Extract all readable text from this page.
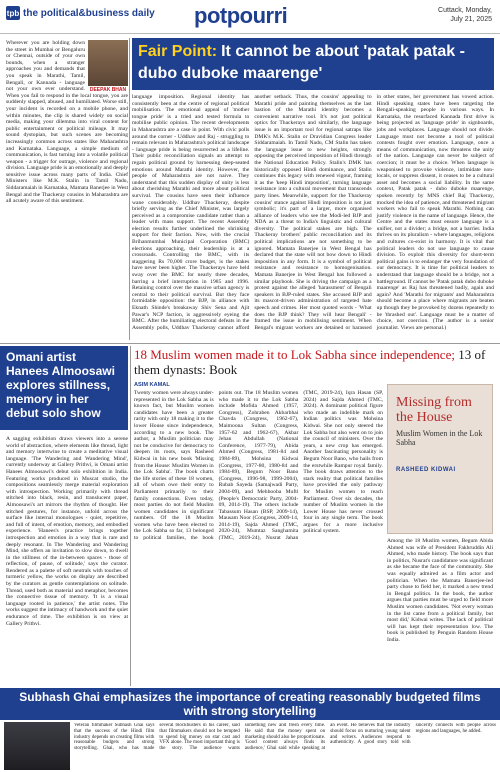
tpb the political&business daily potpourri	Cuttack, Monday,
July 21, 2025
DEEPAK BHAN
Wherever you are holding down the street in Mumbai or Bengaluru or Chennai, outside of your own bounds, when a stranger approaches you and demands that you speak in Marathi, Tamil, Bengali, or Kannada - language not your own ever understand. When you fail to respond in the local tongue, you are suddenly slapped, abused, and humiliated. Worse still, your incident is recorded on a mobile phone, and within minutes, the clip is shared widely on social media, making your dilemma into viral content for public entertainment or political mileage. It may sound dystopian, but such scenes are becoming increasingly common across states like Maharashtra and Karnataka. Language, a simple medium of communication, is fast turning into a volatile political weapon - a trigger for outrage, violence and regional division. Language pride is an emotionally and deeply sensitive issue across many parts of India. Chief Ministers like M.K. Stalin in Tamil Nadu, Siddaramaiah in Karnataka, Mamata Banerjee in West Bengal and the Thackeray cousins in Maharashtra are all acutely aware of this sentiment.
Fair Point: It cannot be about 'patak patak - dubo duboke maarenge'
language imposition. Regional identity has consistently been at the centre of regional political mobilisation. The emotional appeal of 'mother tongue pride' is a tried and tested formula to mobilise public opinion. The recent developments in Maharashtra are a case in point. With civic polls around the corner - Uddhav and Raj - struggling to remain relevant in Maharashtra's political landscape - language pride is being resurrected as a lifeline. Their public reconciliation signals an attempt to regain political ground by harnessing deep-seated emotions around Marathi identity. However, the people of Maharashtra are not naive. They understand that this sudden display of unity is less about cherishing Marathi and more about political survival. The cousins have seen their influence wane considerably. Uddhav Thackeray, despite briefly serving as the Chief Minister, was largely perceived as a compromise candidate rather than a leader with mass support. The recent Assembly election results further underlined the shrinking support for their faction. Now, with the crucial Brihanmumbai Municipal Corporation (BMC) elections approaching, their leadership is at a crossroads. Controlling the BMC, with its staggering Rs 70,000 crore budget, is the stakes have never been higher. The Thackerays have held sway over the BMC for nearly three decades, barring a brief interruption in 1985 and 1996. Retaining control over the massive urban agency is central to their political survival. But they face formidable opposition: the BJP, in alliance with Eknath Shinde's breakaway Shiv Sena and Ajit Pawar's NCP faction, is aggressively eyeing the BMC. After the humiliating electoral defeats in the Assembly polls, Uddhav Thackeray cannot afford another setback. Thus, the cousins' appealing to Marathi pride and painting themselves as the last bastion of the Marathi identity becomes a convenient narrative tool. It's not just political optics for Thackerays and similarly, the language issue is an important tool for regional satraps like DMK's M.K. Stalin or Dravidian Congress leader Siddaramaiah. In Tamil Nadu, CM Stalin has taken the language issue to new heights, strongly opposing the perceived imposition of Hindi through the National Education Policy. Stalin's DMK has historically opposed Hindi dominance, and Stalin continues this legacy with renewed vigour, framing it as the 'keep Hindi imposition', turning language resistance into a cultural movement that transcends party lines. Meanwhile, support for the Thackeray cousins' stance against Hindi imposition is not just symbolic; it's part of a larger, more organised alliance of leaders who see the Modi-led BJP and NDA as a threat to India's linguistic and cultural diversity. The political stakes are high. The Thackeray brothers' public reconciliation and its political implications are not something to be ignored. Mamata Banerjee in West Bengal has declared that the state will not bow down to Hindi imposition in any form. It is a symbol of political resistance and resistance to homogenisation. Mamata Banerjee in West Bengal has followed a similar playbook. She is driving the campaign as a protest against the alleged 'harassment' of Bengali speakers in BJP-ruled states. She accused BJP and its mascot-driven administration of targeted hate speech and crimes. Her most quoted words - 'What does the BJP think? They will hear Bengali' - framed the issue in mobilising sentiment. When Bengal's migrant workers are detained or harassed in other states, her government has vowed action. Hindi speaking states have been targeting the Bengali-speaking people in various ways. In Karnataka, the resurfaced Kannada first drive is being projected as 'language pride' in signboards, jobs and workplaces. Language should not divide. Language must not become a tool of political contests fought over emotion. Language, once a means of communication, now threatens the unity of the nation. Language can never be subject of coercion; it must be a choice. When language is weaponised to provoke violence, intimidate non-locals, or suppress dissent, it ceases to be a cultural asset and becomes a social liability. In the same context, Patak patak - dubo duboke maarenge, spoken recently by MNS chief Raj Thackeray, mocked the idea of patience, and threatened migrant workers who fail to speak Marathi. Nothing can justify violence in the name of language. Hence, the Centre and the states must ensure language is a unifier, not a divider; a bridge, not a barrier. India thrives on its pluralism - where languages, religions and cultures co-exist in harmony. It is vital that political leaders do not use language to cause division. To exploit this diversity for short-term political gains is to endanger the very foundation of our democracy. It is time for political leaders to understand that language should be a bridge, not a battleground. If cannot be 'Patak patak dubo duboke maarenge' as Raj has threatened badly, again and again? And 'Marathi for migrants' and Maharashtra should become a place where migrants are beaten up though they be provoked by dozens repeatedly to be 'thrashed out'. Language must be a matter of choice, not coercion. (The author is a senior journalist. Views are personal.)
Omani artist Hanees Almoosawi explores stillness, memory in her debut solo show
A sagging exhibition draws viewers into a serene world of abstraction, where elements like thread, light and memory intertwine to create a meditative visual language. 'The Wandering and Wandering Mind', currently underway at Gallery Prithvi, is Omani artist Hanees Almoosawi's debut solo exhibition in India. Featuring works produced in Muscat studio, the compositions seamlessly merge material exploration with introspection. Working primarily with thread stitched into black, resin, and translucent paper, Almoosawi's art mirrors the rhythm of thought. Her stitched gestures, for instance, unfold across the surface like internal monologues - quiet, repetitive, and full of intent, of emotion, memory, and embodied experience. 'Hanees's practice brings together introspection and emotion in a way that is rare and deeply resonant. In The Wandering and Wandering Mind, she offers an invitation to slow down, to dwell in the stillness of the in-between spaces - those of reflection, of pause, of solitude,' says the curator. Rendered as a palette of soft neutrals with touches of turmeric yellow, the works on display are described by the curators as gentle contemplations on solitude. Thread, used both as material and metaphor, becomes the connective tissue of memory. 'It is a visual language rooted in patience,' the artist notes. The works suggest the intimacy of handwork and the quiet endurance of time. The exhibition is on view at Gallery Prithvi.
18 Muslim women made it to Lok Sabha since independence; 13 of them dynasts: Book
ASIM KAMAL
Twenty women were always under-represented in the Lok Sabha as is known fact, but Muslim women candidates have been a greater rarity with only 18 making it to the lower House since independence, according to a new book. The author, a Muslim politician may not be conducive for democracy to deepen its roots, says Rasheed Kidwai in his new book 'Missing from the House: Muslim Women in the Lok Sabha'. The book charts the life stories of these 18 women, all of whom owe their entry to Parliament primarily to their family connections. Even today, most parties do not field Muslim women candidates in significant numbers. Of the 18 Muslim women who have been elected to the Lok Sabha so far, 13 belonged to political families, the book points out. The 18 Muslim women who made it to the Lok Sabha include Mofida Ahmed (1957, Congress), Zohraben Akbarbhai Chavda (Congress, 1962-67), Maimoona Sultan (Congress, 1957-62 and 1962-67), Akbar Jehan Abdullah (National Conference, 1977-79), Abida Ahmed (Congress, 1981-84 and 1984-89), Mohsina Kidwai (Congress, 1977-80, 1980-84 and 1984-89), Begum Noor Bano (Congress, 1996-98, 1999-2004), Rubab Sayeda (Samajwadi Party, 2004-09), and Mehbooba Mufti (People's Democratic Party, 2004-09, 2014-19). The others include Tabassum Hasan (BSP, 2009-14), Mausam Noor (Congress, 2009-14, 2014-19), Sajda Ahmed (TMC, 2020-24), Mumtaz Sanghamita (TMC, 2019-24), Nusrat Jahan (TMC, 2019-24), Iqra Hasan (SP, 2024) and Sajda Ahmed (TMC, 2024). A dominant political figure who made an indelible mark on Indian politics was Mohsina Kidwai. She not only steered the Lok Sabha but also went on to join the council of ministers. Over the years, a new crop has emerged. Another fascinating personality is Begum Noor Bano, who hails from the erstwhile Rampur royal family. The book draws attention to the stark reality that political families have provided the only pathway for Muslim women to reach Parliament. Over six decades, the number of Muslim women in the Lower House has never crossed four in any single term. The book argues for a more inclusive political system.
Missing from the House
Muslim Women in the Lok Sabha
RASHEED KIDWAI
Among the 18 Muslim women, Begum Abida Ahmed was wife of President Fakhruddin Ali Ahmed, who made history. The book says that in politics, Nusrat's candidature was significant as she became the face of the community. She was equally admired as a film actor and politician. When the Mamata Banerjee-led party chose to field her, it marked a new trend in Bengal politics. In the book, the author argues that parties must be urged to field more Muslim women candidates. 'Not every woman in the list came from a political family, but most did,' Kidwai writes. The lack of political will has kept their representation low. The book is published by Penguin Random House India.
Subhash Ghai emphasizes the importance of creating reasonably budgeted films with strong storytelling
Veteran filmmaker Subhash Ghai says that the success of the Hindi film industry depends on creating films with reasonable budgets and strong storytelling. Ghai, who has made several blockbusters in his career, said that filmmakers should not be tempted to spend big money on star cast and VFX alone. The most important thing is the story. The audience wants something new and fresh every time. He said that the money spent on marketing should also be proportionate. 'Good content always finds its audience,' Ghai said while speaking at an event. He believes that the industry should focus on nurturing young talent and writers. Audiences respond to authenticity. A good story told with sincerity connects with people across regions and languages, he added.
